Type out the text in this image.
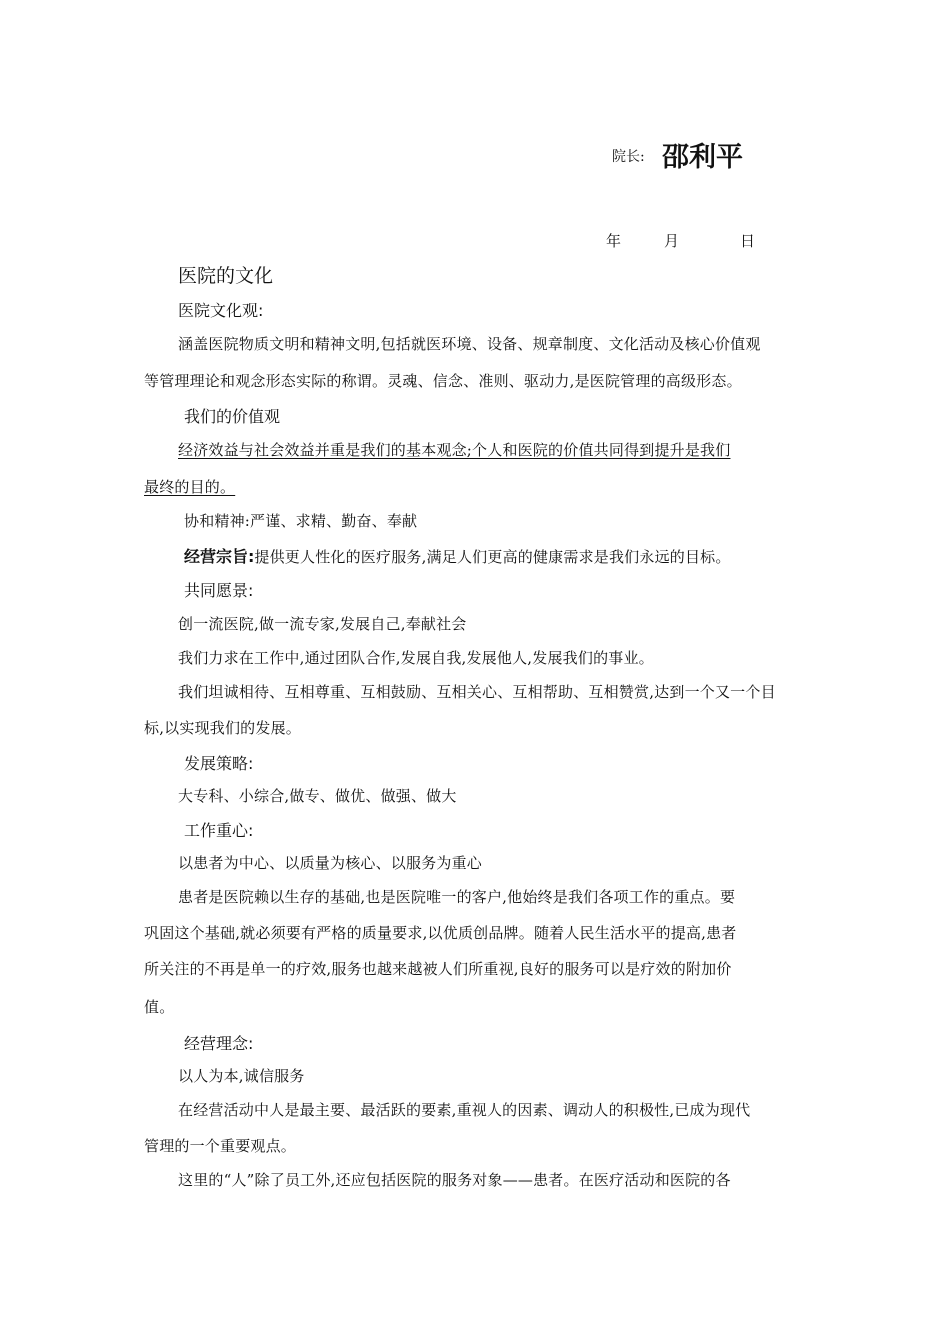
院长: 邵利平
年	月	日
医院的文化
医院文化观:
涵盖医院物质文明和精神文明,包括就医环境、设备、规章制度、文化活动及核心价值观
等管理理论和观念形态实际的称谓。灵魂、信念、准则、驱动力,是医院管理的高级形态。
我们的价值观
经济效益与社会效益并重是我们的基本观念;个人和医院的价值共同得到提升是我们
最终的目的。
协和精神:严谨、求精、勤奋、奉献
经营宗旨:提供更人性化的医疗服务,满足人们更高的健康需求是我们永远的目标。
共同愿景:
创一流医院,做一流专家,发展自己,奉献社会
我们力求在工作中,通过团队合作,发展自我,发展他人,发展我们的事业。
我们坦诚相待、互相尊重、互相鼓励、互相关心、互相帮助、互相赞赏,达到一个又一个目
标,以实现我们的发展。
发展策略:
大专科、小综合,做专、做优、做强、做大
工作重心:
以患者为中心、以质量为核心、以服务为重心
患者是医院赖以生存的基础,也是医院唯一的客户,他始终是我们各项工作的重点。要
巩固这个基础,就必须要有严格的质量要求,以优质创品牌。随着人民生活水平的提高,患者
所关注的不再是单一的疗效,服务也越来越被人们所重视,良好的服务可以是疗效的附加价
值。
经营理念:
以人为本,诚信服务
在经营活动中人是最主要、最活跃的要素,重视人的因素、调动人的积极性,已成为现代
管理的一个重要观点。
这里的“人”除了员工外,还应包括医院的服务对象——患者。在医疗活动和医院的各
